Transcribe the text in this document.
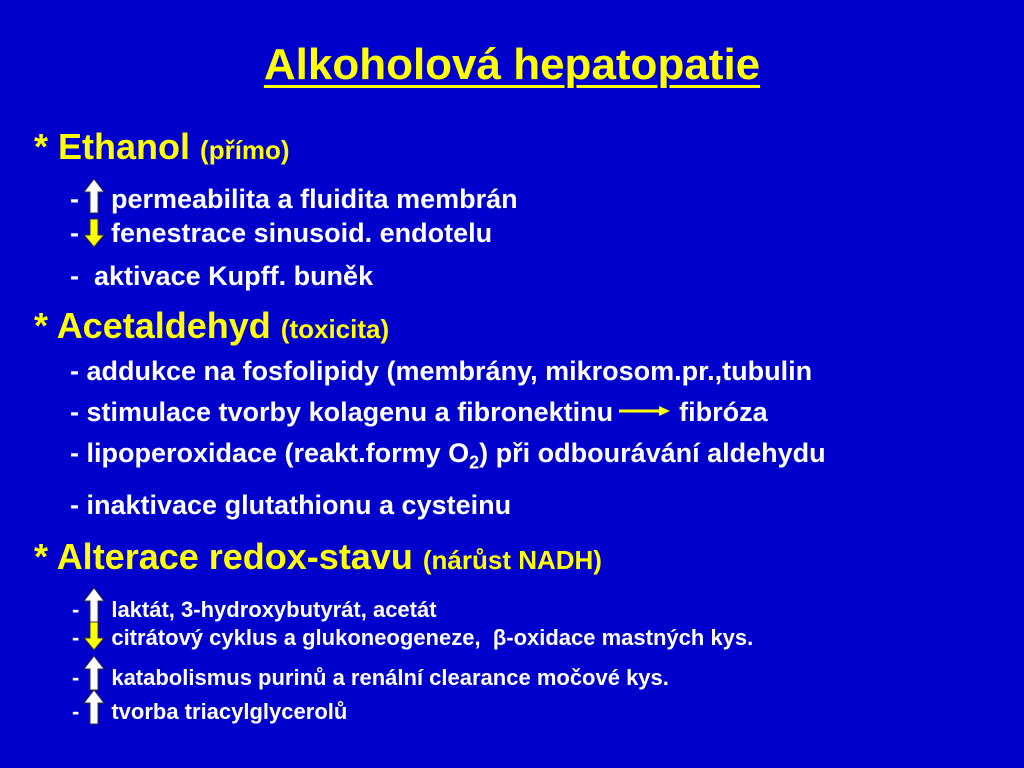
Alkoholová hepatopatie
* Ethanol (přímo)
- permeabilita a fluidita membrán
- fenestrace sinusoid. endotelu
- aktivace Kupff. buněk
* Acetaldehyd (toxicita)
- addukce na fosfolipidy (membrány, mikrosom.pr.,tubulin
- stimulace tvorby kolagenu a fibronektinu fibróza
- lipoperoxidace (reakt.formy $O_2$) při odbourávání aldehydu
- inaktivace glutathionu a cysteinu
* Alterace redox-stavu (nárůst NADH)
- laktát, 3-hydroxybutyrát, acetát
- citrátový cyklus a glukoneogeneze, β-oxidace mastných kys.
- katabolismus purinů a renální clearance močové kys.
- tvorba triacylglycerolů
